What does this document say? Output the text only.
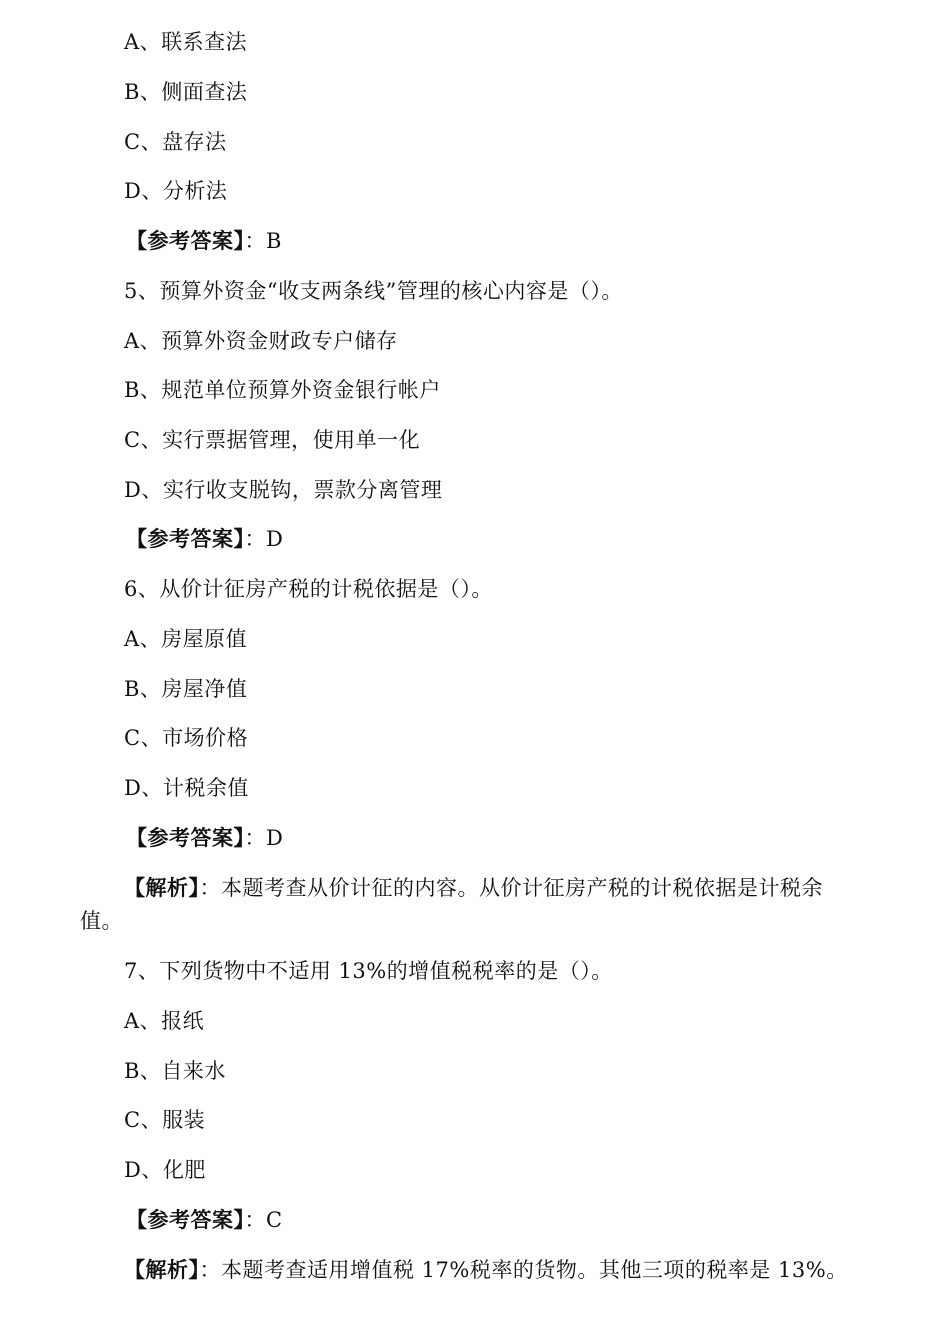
A、联系查法
B、侧面查法
C、盘存法
D、分析法
【参考答案】：B
5、预算外资金“收支两条线”管理的核心内容是（）。
A、预算外资金财政专户储存
B、规范单位预算外资金银行帐户
C、实行票据管理，使用单一化
D、实行收支脱钩，票款分离管理
【参考答案】：D
6、从价计征房产税的计税依据是（）。
A、房屋原值
B、房屋净值
C、市场价格
D、计税余值
【参考答案】：D
【解析】：本题考查从价计征的内容。从价计征房产税的计税依据是计税余
值。
7、下列货物中不适用 13%的增值税税率的是（）。
A、报纸
B、自来水
C、服装
D、化肥
【参考答案】：C
【解析】：本题考查适用增值税 17%税率的货物。其他三项的税率是 13%。
